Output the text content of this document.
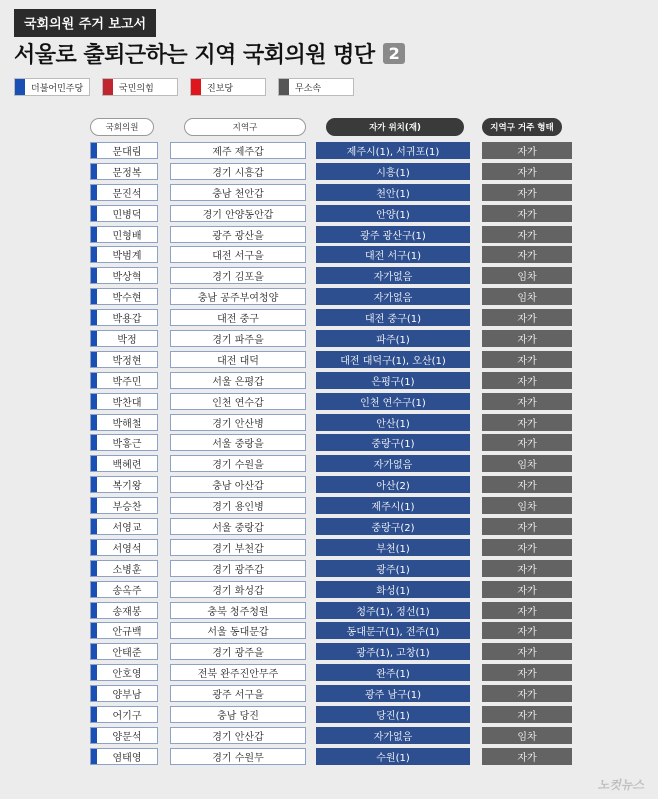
국회의원 주거 보고서
서울로 출퇴근하는 지역 국회의원 명단 2
더불어민주당	국민의힘	진보당	무소속
국회의원	지역구	자가 위치(재)	지역구 거주 형태
문대림	제주 제주갑	제주시(1), 서귀포(1)	자가
문정복	경기 시흥갑	시흥(1)	자가
문진석	충남 천안갑	천안(1)	자가
민병덕	경기 안양동안갑	안양(1)	자가
민형배	광주 광산을	광주 광산구(1)	자가
박범계	대전 서구을	대전 서구(1)	자가
박상혁	경기 김포을	자가없음	임차
박수현	충남 공주부여청양	자가없음	임차
박용갑	대전 중구	대전 중구(1)	자가
박정	경기 파주을	파주(1)	자가
박정현	대전 대덕	대전 대덕구(1), 오산(1)	자가
박주민	서울 은평갑	은평구(1)	자가
박찬대	인천 연수갑	인천 연수구(1)	자가
박해철	경기 안산병	안산(1)	자가
박홍근	서울 중랑을	중랑구(1)	자가
백혜련	경기 수원을	자가없음	임차
복기왕	충남 아산갑	아산(2)	자가
부승찬	경기 용인병	제주시(1)	임차
서영교	서울 중랑갑	중랑구(2)	자가
서영석	경기 부천갑	부천(1)	자가
소병훈	경기 광주갑	광주(1)	자가
송옥주	경기 화성갑	화성(1)	자가
송재봉	충북 청주청원	청주(1), 정선(1)	자가
안규백	서울 동대문갑	동대문구(1), 전주(1)	자가
안태준	경기 광주을	광주(1), 고창(1)	자가
안호영	전북 완주진안무주	완주(1)	자가
양부남	광주 서구을	광주 남구(1)	자가
어기구	충남 당진	당진(1)	자가
양문석	경기 안산갑	자가없음	임차
염태영	경기 수원무	수원(1)	자가
노컷뉴스
